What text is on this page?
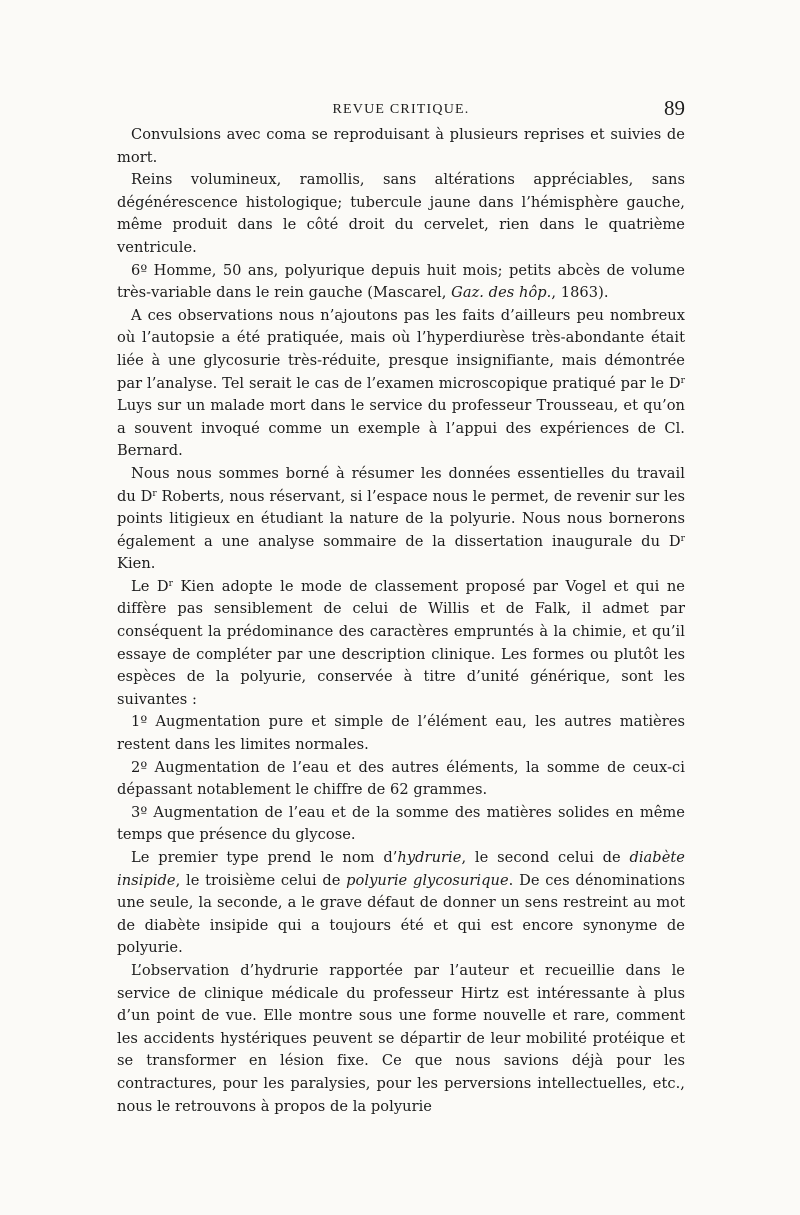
REVUE CRITIQUE.	89

Convulsions avec coma se reproduisant à plusieurs reprises et suivies de mort.

Reins volumineux, ramollis, sans altérations appréciables, sans dégénérescence histologique; tubercule jaune dans l’hémisphère gauche, même produit dans le côté droit du cervelet, rien dans le quatrième ventricule.

6º Homme, 50 ans, polyurique depuis huit mois; petits abcès de volume très-variable dans le rein gauche (Mascarel, Gaz. des hôp., 1863).

A ces observations nous n’ajoutons pas les faits d’ailleurs peu nombreux où l’autopsie a été pratiquée, mais où l’hyperdiurèse très-abondante était liée à une glycosurie très-réduite, presque insignifiante, mais démontrée par l’analyse. Tel serait le cas de l’examen microscopique pratiqué par le $D^r$ Luys sur un malade mort dans le service du professeur Trousseau, et qu’on a souvent invoqué comme un exemple à l’appui des expériences de Cl. Bernard.

Nous nous sommes borné à résumer les données essentielles du travail du $D^r$ Roberts, nous réservant, si l’espace nous le permet, de revenir sur les points litigieux en étudiant la nature de la polyurie. Nous nous bornerons également a une analyse sommaire de la dissertation inaugurale du $D^r$ Kien.

Le $D^r$ Kien adopte le mode de classement proposé par Vogel et qui ne diffère pas sensiblement de celui de Willis et de Falk, il admet par conséquent la prédominance des caractères empruntés à la chimie, et qu’il essaye de compléter par une description clinique. Les formes ou plutôt les espèces de la polyurie, conservée à titre d’unité générique, sont les suivantes :

1º Augmentation pure et simple de l’élément eau, les autres matières restent dans les limites normales.

2º Augmentation de l’eau et des autres éléments, la somme de ceux-ci dépassant notablement le chiffre de 62 grammes.

3º Augmentation de l’eau et de la somme des matières solides en même temps que présence du glycose.

Le premier type prend le nom d’hydrurie, le second celui de diabète insipide, le troisième celui de polyurie glycosurique. De ces dénominations une seule, la seconde, a le grave défaut de donner un sens restreint au mot de diabète insipide qui a toujours été et qui est encore synonyme de polyurie.

L’observation d’hydrurie rapportée par l’auteur et recueillie dans le service de clinique médicale du professeur Hirtz est intéressante à plus d’un point de vue. Elle montre sous une forme nouvelle et rare, comment les accidents hystériques peuvent se départir de leur mobilité protéique et se transformer en lésion fixe. Ce que nous savions déjà pour les contractures, pour les paralysies, pour les perversions intellectuelles, etc., nous le retrouvons à propos de la polyurie
